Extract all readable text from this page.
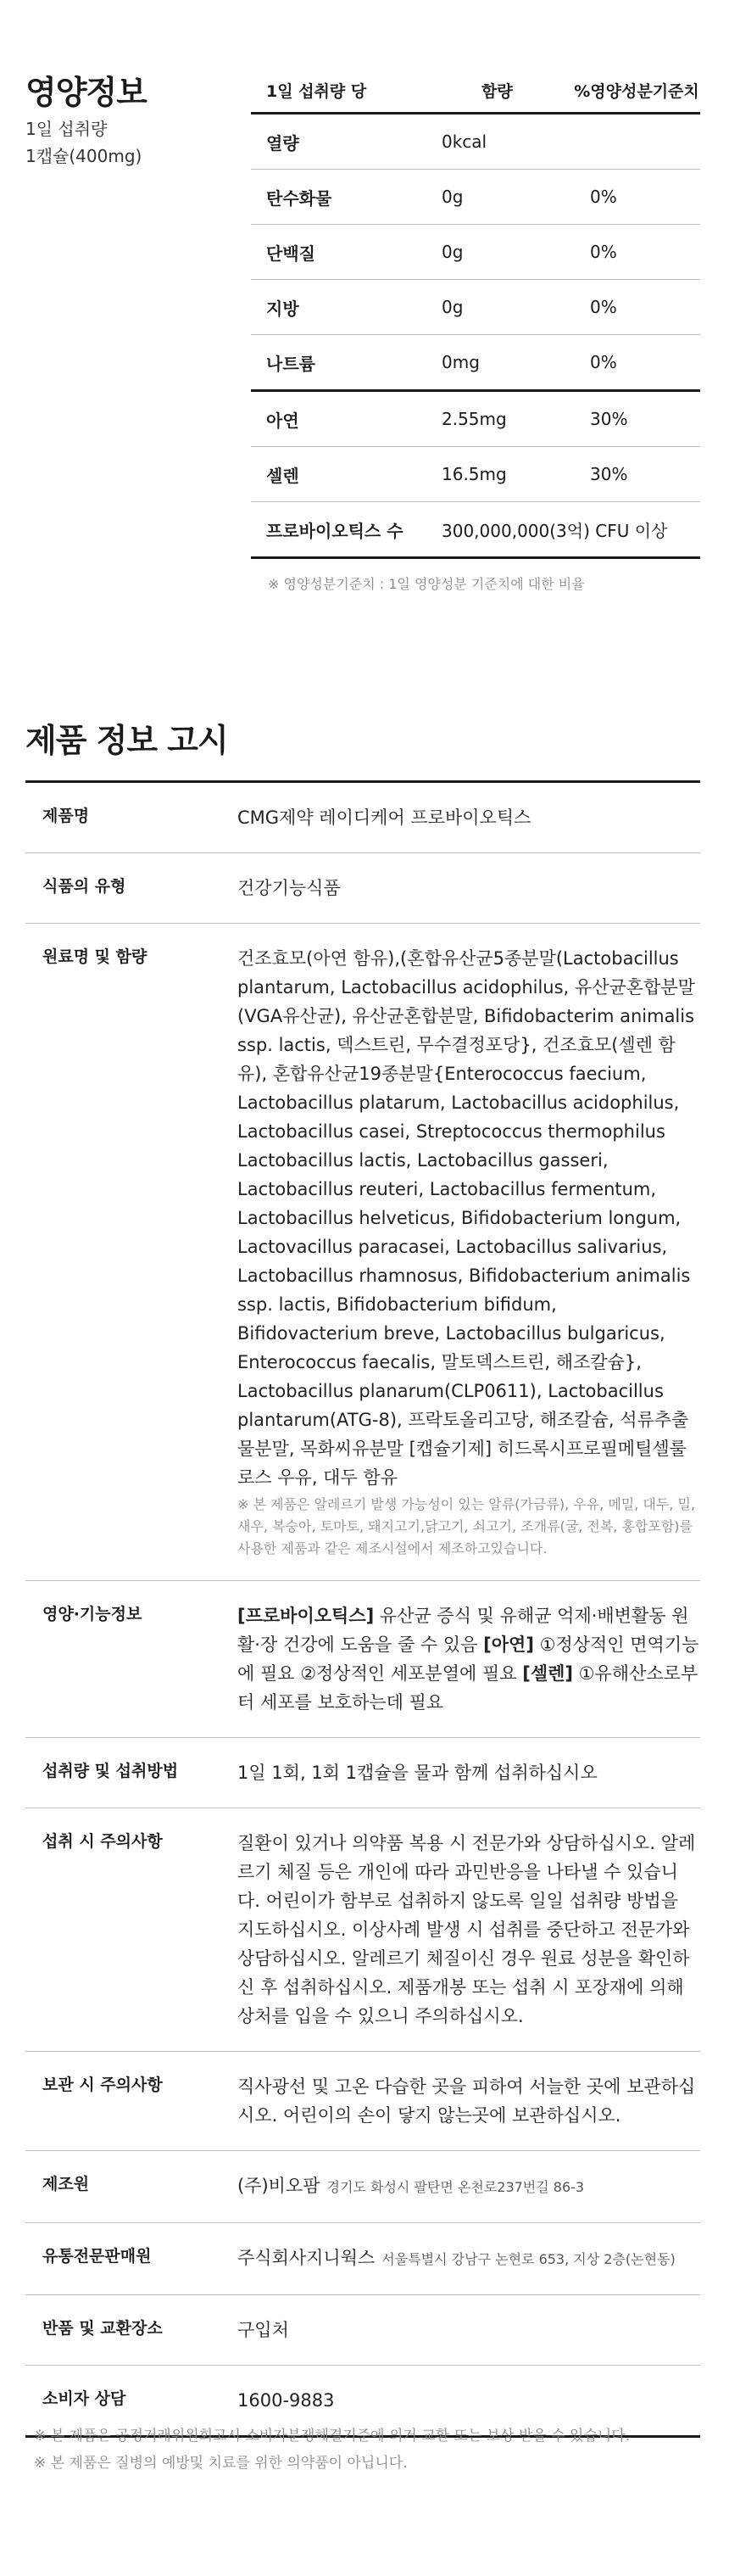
영양정보
1일 섭취량
1캡슐(400mg)
1일 섭취량 당	함량	%영양성분기준치
열량	0kcal
탄수화물	0g	0%
단백질	0g	0%
지방	0g	0%
나트륨	0mg	0%
아연	2.55mg	30%
셀렌	16.5mg	30%
프로바이오틱스 수	300,000,000(3억) CFU 이상
※ 영양성분기준치 : 1일 영양성분 기준치에 대한 비율
제품 정보 고시
제품명	CMG제약 레이디케어 프로바이오틱스
식품의 유형	건강기능식품
원료명 및 함량	건조효모(아연 함유),(혼합유산균5종분말(Lactobacillus plantarum, Lactobacillus acidophilus, 유산균혼합분말(VGA유산균), 유산균혼합분말, Bifidobacterim animalis ssp. lactis, 덱스트린, 무수결정포당}, 건조효모(셀렌 함유), 혼합유산균19종분말{Enterococcus faecium, Lactobacillus platarum, Lactobacillus acidophilus, Lactobacillus casei, Streptococcus thermophilus Lactobacillus lactis, Lactobacillus gasseri, Lactobacillus reuteri, Lactobacillus fermentum, Lactobacillus helveticus, Bifidobacterium longum, Lactovacillus paracasei, Lactobacillus salivarius, Lactobacillus rhamnosus, Bifidobacterium animalis ssp. lactis, Bifidobacterium bifidum, Bifidovacterium breve, Lactobacillus bulgaricus, Enterococcus faecalis, 말토덱스트린, 해조칼슘}, Lactobacillus planarum(CLP0611), Lactobacillus plantarum(ATG-8), 프락토올리고당, 해조칼슘, 석류추출물분말, 목화씨유분말 [캡슐기제] 히드록시프로필메틸셀룰로스 우유, 대두 함유
※ 본 제품은 알레르기 발생 가능성이 있는 알류(가금류), 우유, 메밀, 대두, 밀, 새우, 복숭아, 토마토, 돼지고기,닭고기, 쇠고기, 조개류(굴, 전복, 홍합포함)를 사용한 제품과 같은 제조시설에서 제조하고있습니다.
영양·기능정보	[프로바이오틱스] 유산균 증식 및 유해균 억제·배변활동 원활·장 건강에 도움을 줄 수 있음 [아연] ①정상적인 면역기능에 필요 ②정상적인 세포분열에 필요 [셀렌] ①유해산소로부터 세포를 보호하는데 필요
섭취량 및 섭취방법	1일 1회, 1회 1캡슐을 물과 함께 섭취하십시오
섭취 시 주의사항	질환이 있거나 의약품 복용 시 전문가와 상담하십시오. 알레르기 체질 등은 개인에 따라 과민반응을 나타낼 수 있습니다. 어린이가 함부로 섭취하지 않도록 일일 섭취량 방법을 지도하십시오. 이상사례 발생 시 섭취를 중단하고 전문가와 상담하십시오. 알레르기 체질이신 경우 원료 성분을 확인하신 후 섭취하십시오. 제품개봉 또는 섭취 시 포장재에 의해상처를 입을 수 있으니 주의하십시오.
보관 시 주의사항	직사광선 및 고온 다습한 곳을 피하여 서늘한 곳에 보관하십시오. 어린이의 손이 닿지 않는곳에 보관하십시오.
제조원	(주)비오팜 경기도 화성시 팔탄면 온천로237번길 86-3
유통전문판매원	주식회사지니웍스 서울특별시 강남구 논현로 653, 지상 2층(논현동)
반품 및 교환장소	구입처
소비자 상담	1600-9883
※ 본 제품은 공정거래위원회고시 소비자분쟁해결기준에 의거 교환 또는 보상 받을 수 있습니다.
※ 본 제품은 질병의 예방및 치료를 위한 의약품이 아닙니다.
